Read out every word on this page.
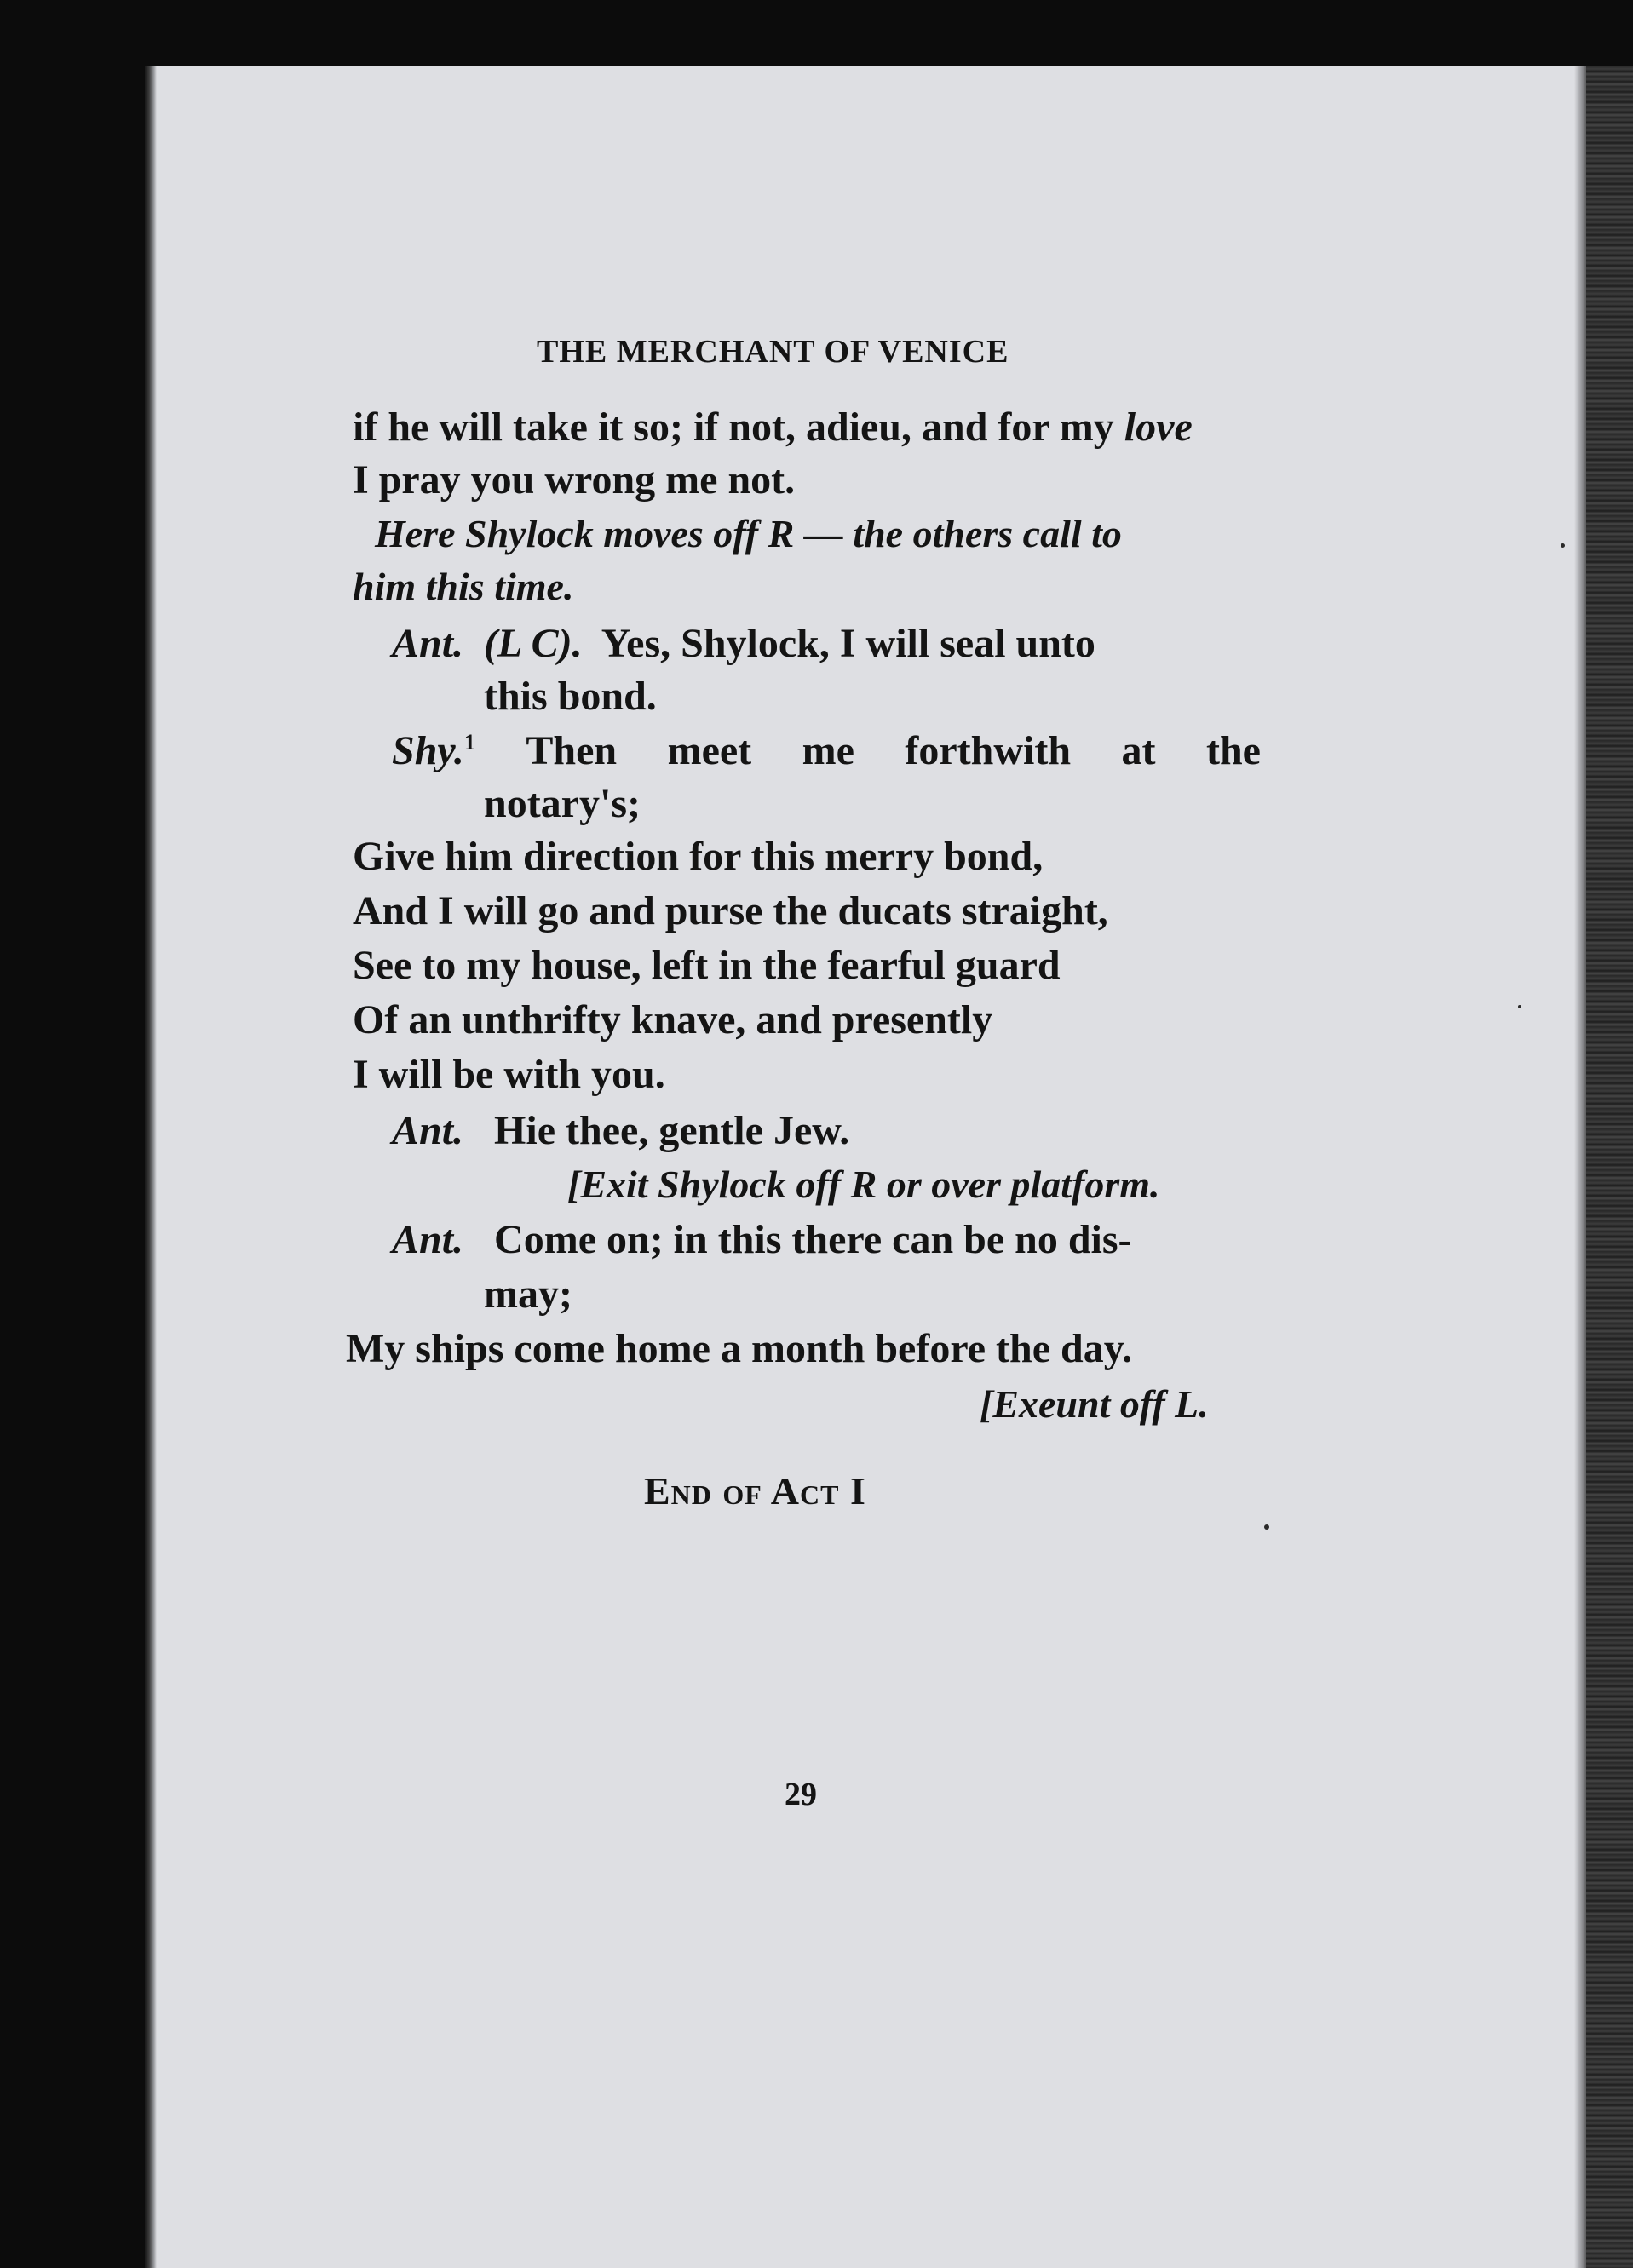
THE MERCHANT OF VENICE
if he will take it so; if not, adieu, and for my love
I pray you wrong me not.
Here Shylock moves off R — the others call to
him this time.
Ant. (L C). Yes, Shylock, I will seal unto
this bond.
Shy.$^1$ Then meet me forthwith at the
notary's;
Give him direction for this merry bond,
And I will go and purse the ducats straight,
See to my house, left in the fearful guard
Of an unthrifty knave, and presently
I will be with you.
Ant. Hie thee, gentle Jew.
[Exit Shylock off R or over platform.
Ant. Come on; in this there can be no dis-
may;
My ships come home a month before the day.
[Exeunt off L.
End of Act I
29
